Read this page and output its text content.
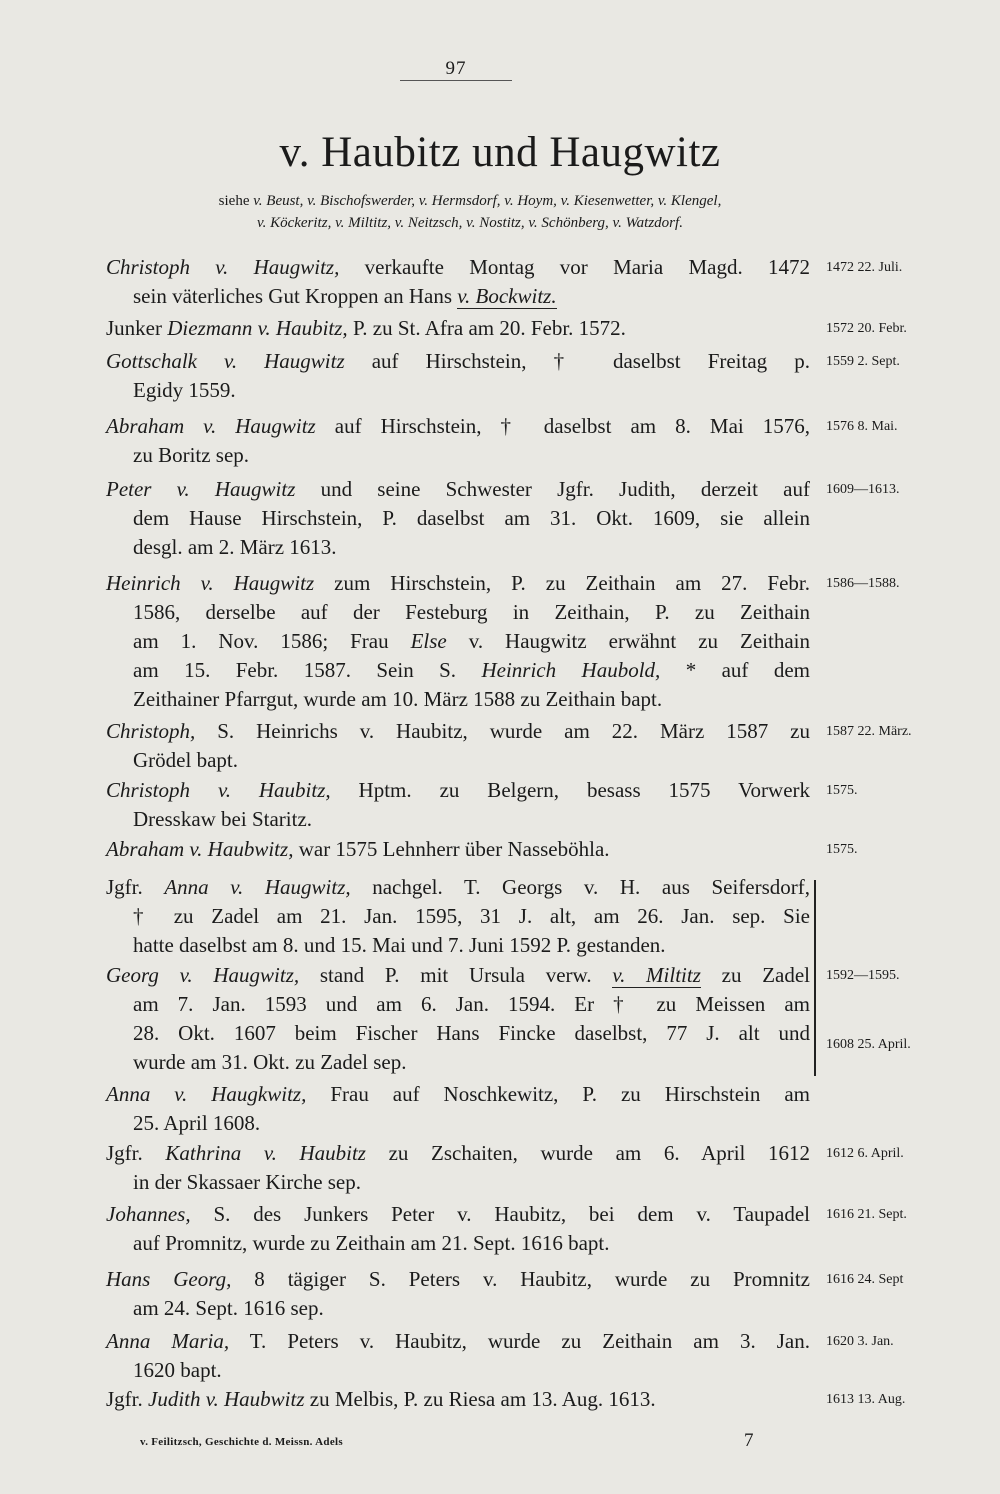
97
v. Haubitz und Haugwitz
siehe v. Beust, v. Bischofswerder, v. Hermsdorf, v. Hoym, v. Kiesenwetter, v. Klengel,
v. Köckeritz, v. Miltitz, v. Neitzsch, v. Nostitz, v. Schönberg, v. Watzdorf.
Christoph v. Haugwitz, verkaufte Montag vor Maria Magd. 1472
sein väterliches Gut Kroppen an Hans v. Bockwitz.
1472 22. Juli.
Junker Diezmann v. Haubitz, P. zu St. Afra am 20. Febr. 1572.	1572 20. Febr.
Gottschalk v. Haugwitz auf Hirschstein, † daselbst Freitag p.
Egidy 1559.
1559 2. Sept.
Abraham v. Haugwitz auf Hirschstein, † daselbst am 8. Mai 1576,
zu Boritz sep.
1576 8. Mai.
Peter v. Haugwitz und seine Schwester Jgfr. Judith, derzeit auf
dem Hause Hirschstein, P. daselbst am 31. Okt. 1609, sie allein
desgl. am 2. März 1613.
1609—1613.
Heinrich v. Haugwitz zum Hirschstein, P. zu Zeithain am 27. Febr.
1586, derselbe auf der Festeburg in Zeithain, P. zu Zeithain
am 1. Nov. 1586; Frau Else v. Haugwitz erwähnt zu Zeithain
am 15. Febr. 1587. Sein S. Heinrich Haubold, * auf dem
Zeithainer Pfarrgut, wurde am 10. März 1588 zu Zeithain bapt.
1586—1588.
Christoph, S. Heinrichs v. Haubitz, wurde am 22. März 1587 zu
Grödel bapt.
1587 22. März.
Christoph v. Haubitz, Hptm. zu Belgern, besass 1575 Vorwerk
Dresskaw bei Staritz.
1575.
Abraham v. Haubwitz, war 1575 Lehnherr über Nasseböhla.	1575.
Jgfr. Anna v. Haugwitz, nachgel. T. Georgs v. H. aus Seifersdorf,
† zu Zadel am 21. Jan. 1595, 31 J. alt, am 26. Jan. sep. Sie
hatte daselbst am 8. und 15. Mai und 7. Juni 1592 P. gestanden.
Georg v. Haugwitz, stand P. mit Ursula verw. v. Miltitz zu Zadel
am 7. Jan. 1593 und am 6. Jan. 1594. Er † zu Meissen am
28. Okt. 1607 beim Fischer Hans Fincke daselbst, 77 J. alt und
wurde am 31. Okt. zu Zadel sep.
1592—1595.
Anna v. Haugkwitz, Frau auf Noschkewitz, P. zu Hirschstein am
25. April 1608.
1608 25. April.
Jgfr. Kathrina v. Haubitz zu Zschaiten, wurde am 6. April 1612
in der Skassaer Kirche sep.
1612 6. April.
Johannes, S. des Junkers Peter v. Haubitz, bei dem v. Taupadel
auf Promnitz, wurde zu Zeithain am 21. Sept. 1616 bapt.
1616 21. Sept.
Hans Georg, 8 tägiger S. Peters v. Haubitz, wurde zu Promnitz
am 24. Sept. 1616 sep.
1616 24. Sept
Anna Maria, T. Peters v. Haubitz, wurde zu Zeithain am 3. Jan.
1620 bapt.
1620 3. Jan.
Jgfr. Judith v. Haubwitz zu Melbis, P. zu Riesa am 13. Aug. 1613.	1613 13. Aug.
v. Feilitzsch, Geschichte d. Meissn. Adels	7
